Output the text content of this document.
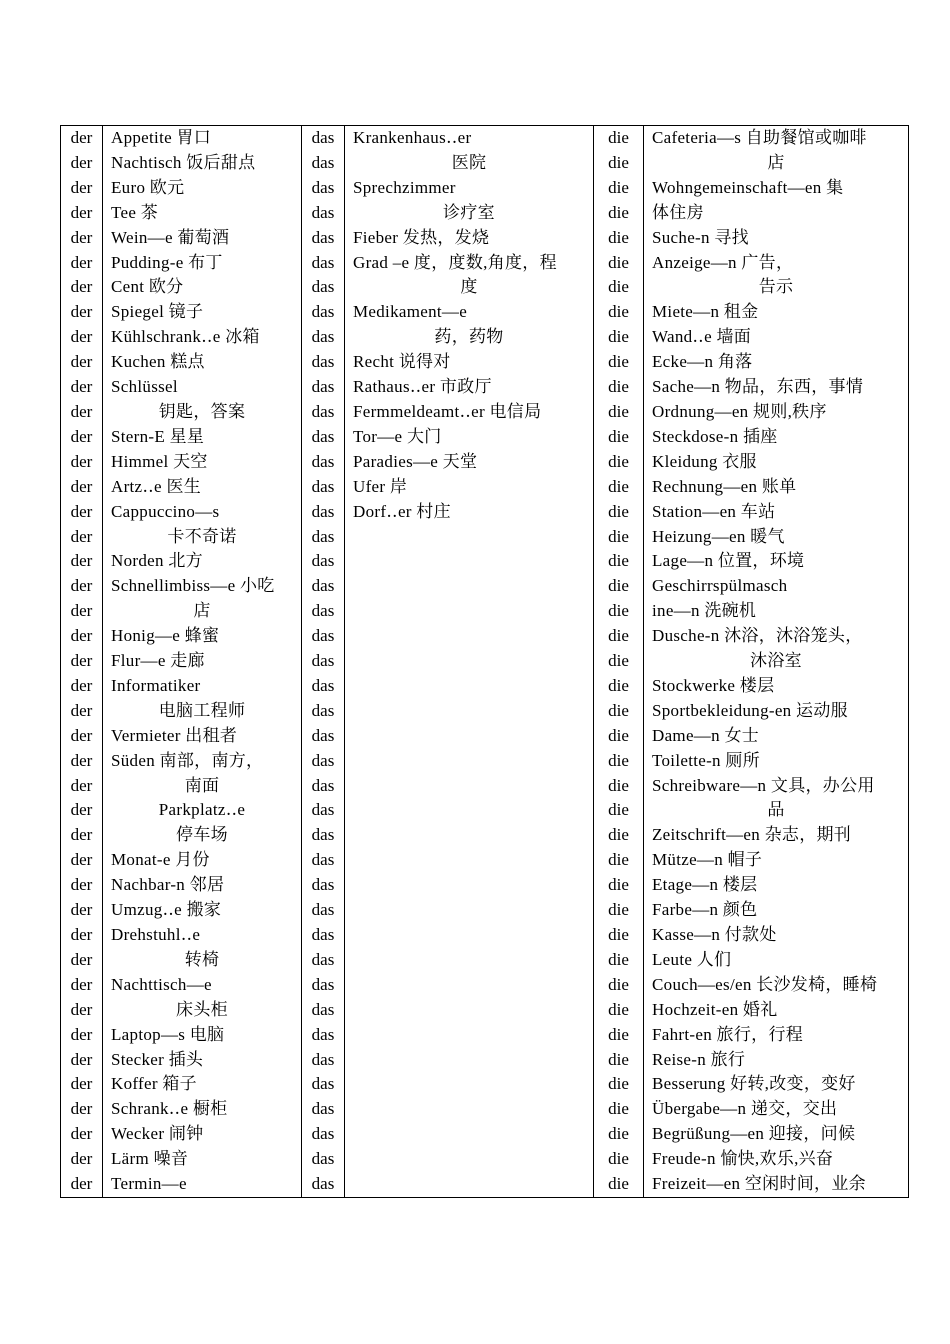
der	Appetite 胃口	das	Krankenhaus‥er	die	Cafeteria—s 自助餐馆或咖啡
der	Nachtisch 饭后甜点	das	医院	die	店
der	Euro 欧元	das	Sprechzimmer	die	Wohngemeinschaft—en 集
der	Tee 茶	das	诊疗室	die	体住房
der	Wein—e 葡萄酒	das	Fieber 发热，发烧	die	Suche-n 寻找
der	Pudding-e 布丁	das	Grad –e 度，度数,角度，程	die	Anzeige—n 广告，
der	Cent 欧分	das	度	die	告示
der	Spiegel 镜子	das	Medikament—e	die	Miete—n 租金
der	Kühlschrank‥e 冰箱	das	药，药物	die	Wand‥e 墙面
der	Kuchen 糕点	das	Recht 说得对	die	Ecke—n 角落
der	Schlüssel	das	Rathaus‥er 市政厅	die	Sache—n 物品，东西，事情
der	钥匙，答案	das	Fermmeldeamt‥er 电信局	die	Ordnung—en 规则,秩序
der	Stern-E 星星	das	Tor—e 大门	die	Steckdose-n 插座
der	Himmel 天空	das	Paradies—e 天堂	die	Kleidung 衣服
der	Artz‥e 医生	das	Ufer 岸	die	Rechnung—en 账单
der	Cappuccino—s	das	Dorf‥er 村庄	die	Station—en 车站
der	卡不奇诺	das		die	Heizung—en 暖气
der	Norden 北方	das		die	Lage—n 位置，环境
der	Schnellimbiss—e 小吃	das		die	Geschirrspülmasch
der	店	das		die	ine—n 洗碗机
der	Honig—e 蜂蜜	das		die	Dusche-n 沐浴，沐浴笼头，
der	Flur—e 走廊	das		die	沐浴室
der	Informatiker	das		die	Stockwerke 楼层
der	电脑工程师	das		die	Sportbekleidung-en 运动服
der	Vermieter 出租者	das		die	Dame—n 女士
der	Süden 南部，南方，	das		die	Toilette-n 厕所
der	南面	das		die	Schreibware—n 文具，办公用
der	Parkplatz‥e	das		die	品
der	停车场	das		die	Zeitschrift—en 杂志，期刊
der	Monat-e 月份	das		die	Mütze—n 帽子
der	Nachbar-n 邻居	das		die	Etage—n 楼层
der	Umzug‥e 搬家	das		die	Farbe—n 颜色
der	Drehstuhl‥e	das		die	Kasse—n 付款处
der	转椅	das		die	Leute 人们
der	Nachttisch—e	das		die	Couch—es/en 长沙发椅，睡椅
der	床头柜	das		die	Hochzeit-en 婚礼
der	Laptop—s 电脑	das		die	Fahrt-en 旅行，行程
der	Stecker 插头	das		die	Reise-n 旅行
der	Koffer 箱子	das		die	Besserung 好转,改变，变好
der	Schrank‥e 橱柜	das		die	Übergabe—n 递交，交出
der	Wecker 闹钟	das		die	Begrüßung—en 迎接，问候
der	Lärm 噪音	das		die	Freude-n 愉快,欢乐,兴奋
der	Termin—e	das		die	Freizeit—en 空闲时间，业余
